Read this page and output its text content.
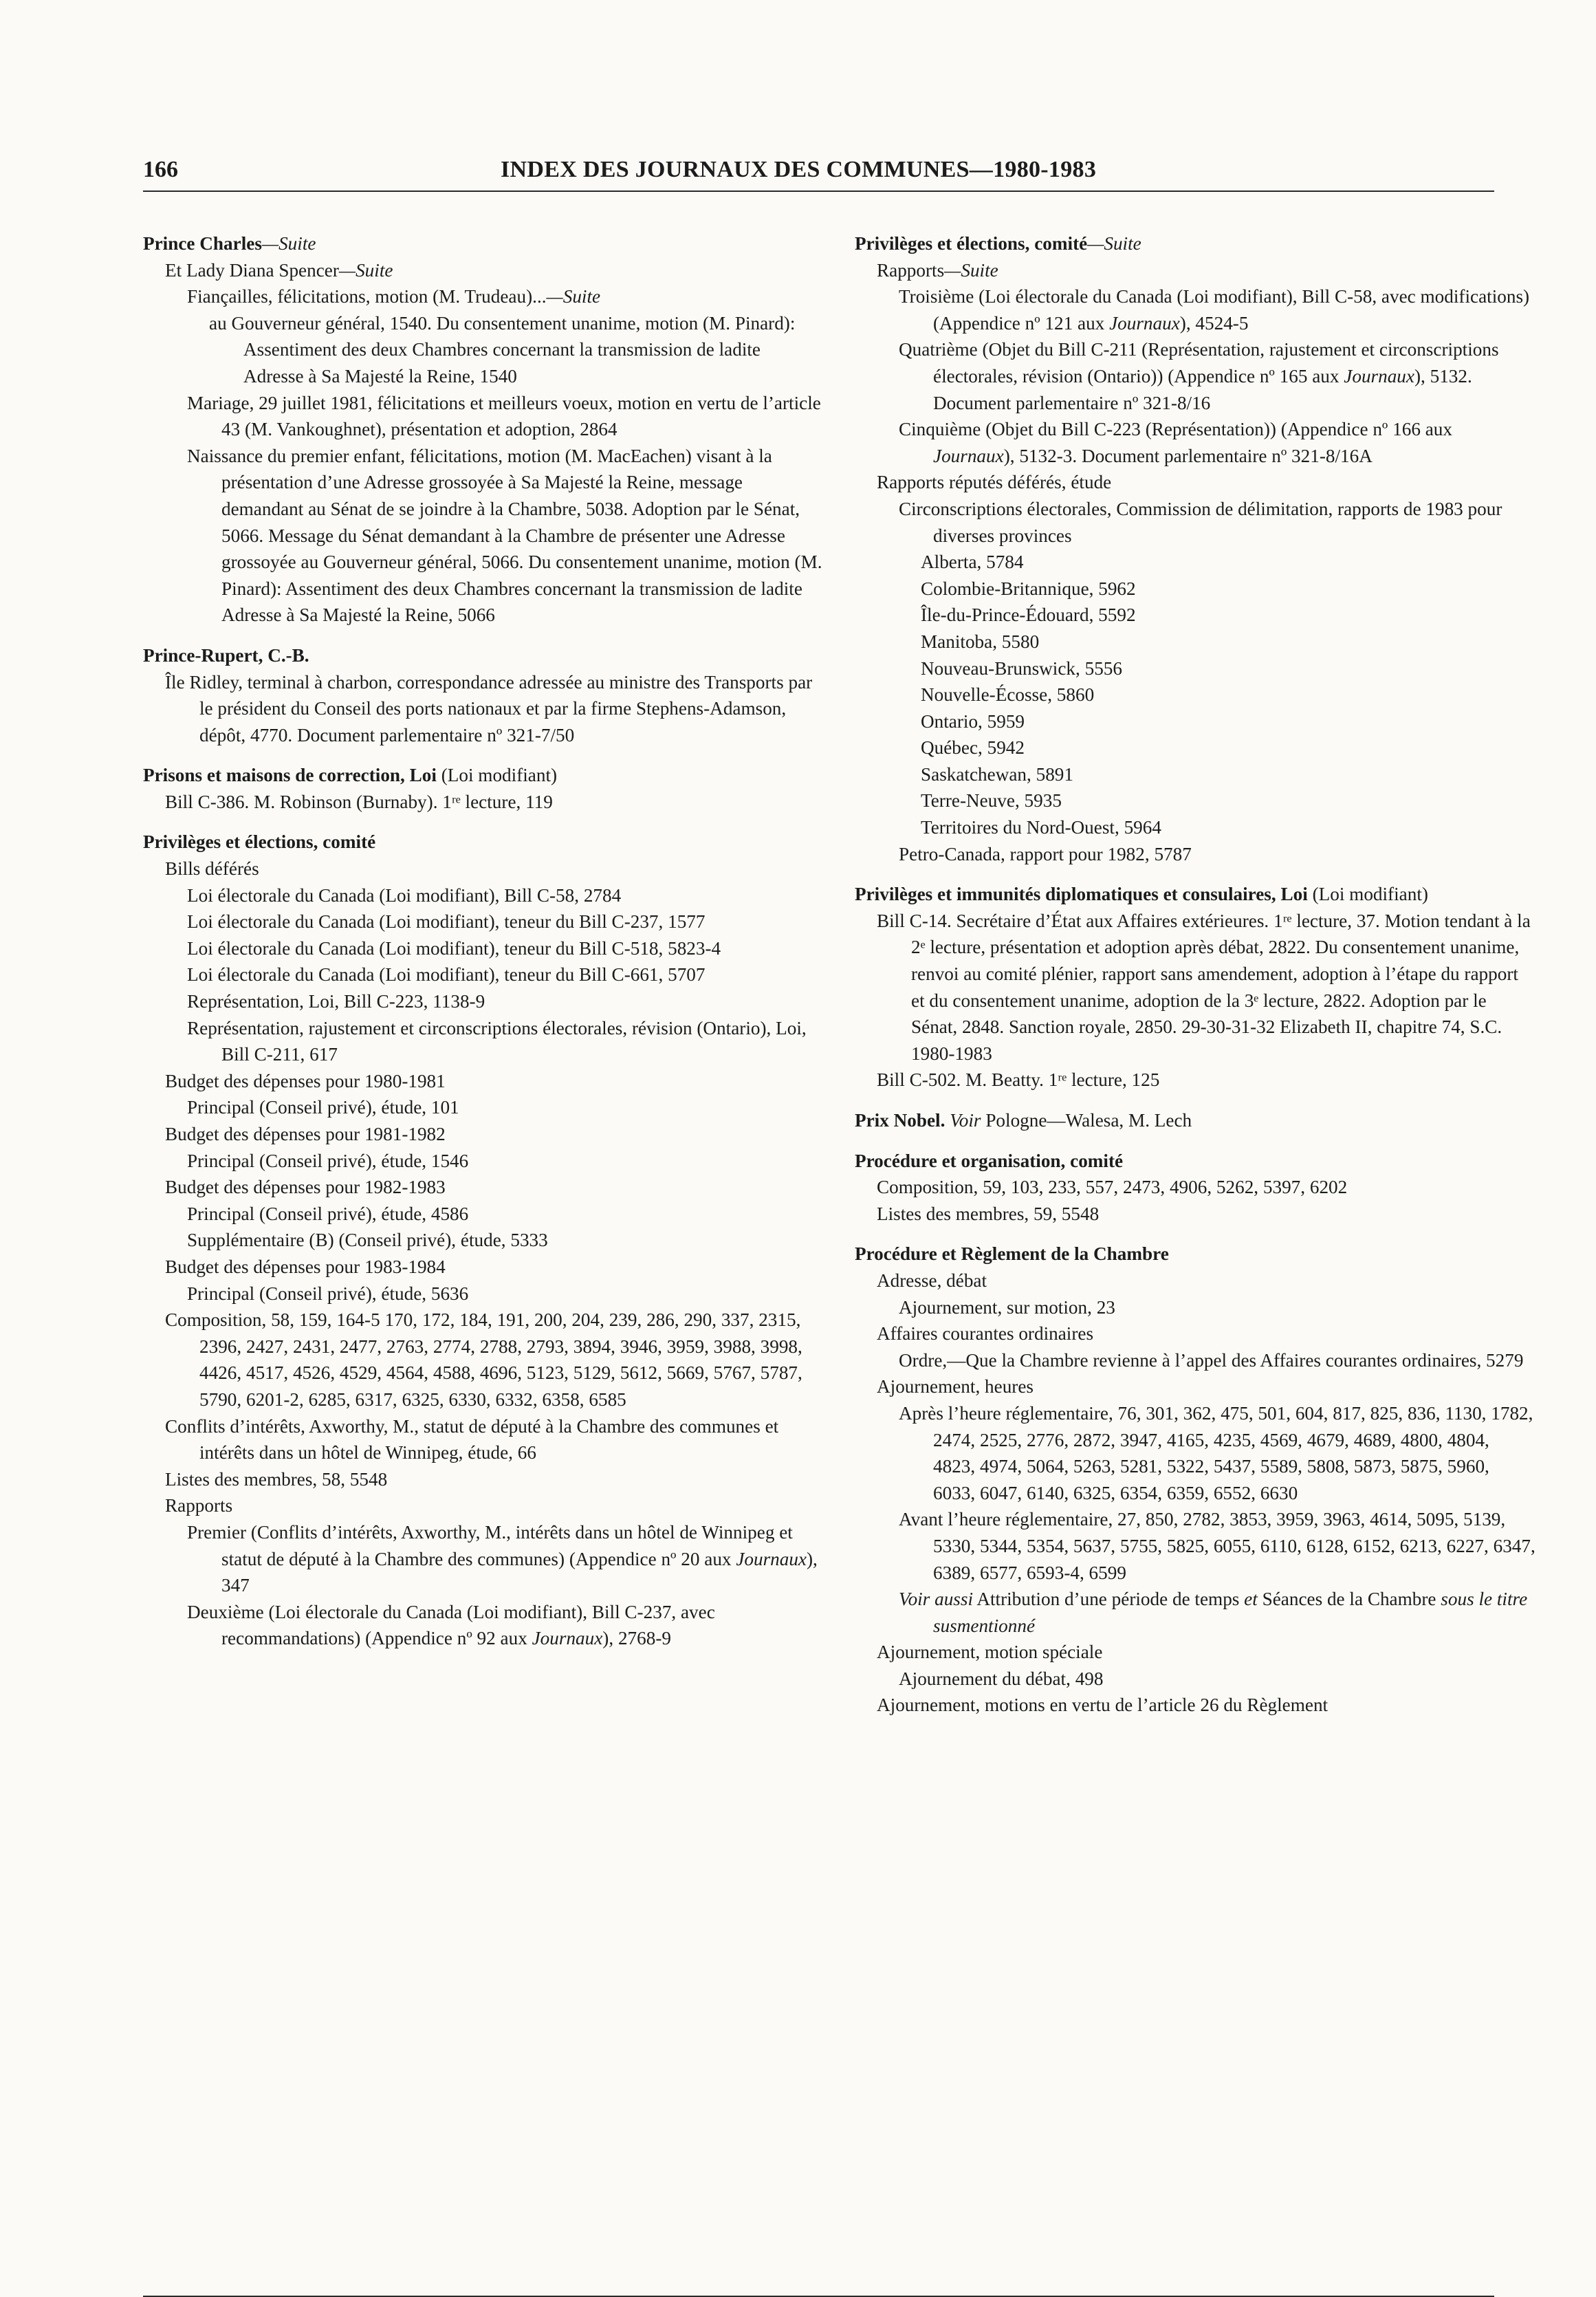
166	INDEX DES JOURNAUX DES COMMUNES—1980-1983
Prince Charles—Suite
Et Lady Diana Spencer—Suite
Fiançailles, félicitations, motion (M. Trudeau)...—Suite
au Gouverneur général, 1540. Du consentement unanime, motion (M. Pinard): Assentiment des deux Chambres concernant la transmission de ladite Adresse à Sa Majesté la Reine, 1540
Mariage, 29 juillet 1981, félicitations et meilleurs voeux, motion en vertu de l’article 43 (M. Vankoughnet), présentation et adoption, 2864
Naissance du premier enfant, félicitations, motion (M. MacEachen) visant à la présentation d’une Adresse grossoyée à Sa Majesté la Reine, message demandant au Sénat de se joindre à la Chambre, 5038. Adoption par le Sénat, 5066. Message du Sénat demandant à la Chambre de présenter une Adresse grossoyée au Gouverneur général, 5066. Du consentement unanime, motion (M. Pinard): Assentiment des deux Chambres concernant la transmission de ladite Adresse à Sa Majesté la Reine, 5066
Prince-Rupert, C.-B.
Île Ridley, terminal à charbon, correspondance adressée au ministre des Transports par le président du Conseil des ports nationaux et par la firme Stephens-Adamson, dépôt, 4770. Document parlementaire nº 321-7/50
Prisons et maisons de correction, Loi (Loi modifiant)
Bill C-386. M. Robinson (Burnaby). 1ʳᵉ lecture, 119
Privilèges et élections, comité
Bills déférés
Loi électorale du Canada (Loi modifiant), Bill C-58, 2784
Loi électorale du Canada (Loi modifiant), teneur du Bill C-237, 1577
Loi électorale du Canada (Loi modifiant), teneur du Bill C-518, 5823-4
Loi électorale du Canada (Loi modifiant), teneur du Bill C-661, 5707
Représentation, Loi, Bill C-223, 1138-9
Représentation, rajustement et circonscriptions électorales, révision (Ontario), Loi, Bill C-211, 617
Budget des dépenses pour 1980-1981
Principal (Conseil privé), étude, 101
Budget des dépenses pour 1981-1982
Principal (Conseil privé), étude, 1546
Budget des dépenses pour 1982-1983
Principal (Conseil privé), étude, 4586
Supplémentaire (B) (Conseil privé), étude, 5333
Budget des dépenses pour 1983-1984
Principal (Conseil privé), étude, 5636
Composition, 58, 159, 164-5 170, 172, 184, 191, 200, 204, 239, 286, 290, 337, 2315, 2396, 2427, 2431, 2477, 2763, 2774, 2788, 2793, 3894, 3946, 3959, 3988, 3998, 4426, 4517, 4526, 4529, 4564, 4588, 4696, 5123, 5129, 5612, 5669, 5767, 5787, 5790, 6201-2, 6285, 6317, 6325, 6330, 6332, 6358, 6585
Conflits d’intérêts, Axworthy, M., statut de député à la Chambre des communes et intérêts dans un hôtel de Winnipeg, étude, 66
Listes des membres, 58, 5548
Rapports
Premier (Conflits d’intérêts, Axworthy, M., intérêts dans un hôtel de Winnipeg et statut de député à la Chambre des communes) (Appendice nº 20 aux Journaux), 347
Deuxième (Loi électorale du Canada (Loi modifiant), Bill C-237, avec recommandations) (Appendice nº 92 aux Journaux), 2768-9
Privilèges et élections, comité—Suite
Rapports—Suite
Troisième (Loi électorale du Canada (Loi modifiant), Bill C-58, avec modifications) (Appendice nº 121 aux Journaux), 4524-5
Quatrième (Objet du Bill C-211 (Représentation, rajustement et circonscriptions électorales, révision (Ontario)) (Appendice nº 165 aux Journaux), 5132. Document parlementaire nº 321-8/16
Cinquième (Objet du Bill C-223 (Représentation)) (Appendice nº 166 aux Journaux), 5132-3. Document parlementaire nº 321-8/16A
Rapports réputés déférés, étude
Circonscriptions électorales, Commission de délimitation, rapports de 1983 pour diverses provinces
Alberta, 5784
Colombie-Britannique, 5962
Île-du-Prince-Édouard, 5592
Manitoba, 5580
Nouveau-Brunswick, 5556
Nouvelle-Écosse, 5860
Ontario, 5959
Québec, 5942
Saskatchewan, 5891
Terre-Neuve, 5935
Territoires du Nord-Ouest, 5964
Petro-Canada, rapport pour 1982, 5787
Privilèges et immunités diplomatiques et consulaires, Loi (Loi modifiant)
Bill C-14. Secrétaire d’État aux Affaires extérieures. 1ʳᵉ lecture, 37. Motion tendant à la 2ᵉ lecture, présentation et adoption après débat, 2822. Du consentement unanime, renvoi au comité plénier, rapport sans amendement, adoption à l’étape du rapport et du consentement unanime, adoption de la 3ᵉ lecture, 2822. Adoption par le Sénat, 2848. Sanction royale, 2850. 29-30-31-32 Elizabeth II, chapitre 74, S.C. 1980-1983
Bill C-502. M. Beatty. 1ʳᵉ lecture, 125
Prix Nobel. Voir Pologne—Walesa, M. Lech
Procédure et organisation, comité
Composition, 59, 103, 233, 557, 2473, 4906, 5262, 5397, 6202
Listes des membres, 59, 5548
Procédure et Règlement de la Chambre
Adresse, débat
Ajournement, sur motion, 23
Affaires courantes ordinaires
Ordre,—Que la Chambre revienne à l’appel des Affaires courantes ordinaires, 5279
Ajournement, heures
Après l’heure réglementaire, 76, 301, 362, 475, 501, 604, 817, 825, 836, 1130, 1782, 2474, 2525, 2776, 2872, 3947, 4165, 4235, 4569, 4679, 4689, 4800, 4804, 4823, 4974, 5064, 5263, 5281, 5322, 5437, 5589, 5808, 5873, 5875, 5960, 6033, 6047, 6140, 6325, 6354, 6359, 6552, 6630
Avant l’heure réglementaire, 27, 850, 2782, 3853, 3959, 3963, 4614, 5095, 5139, 5330, 5344, 5354, 5637, 5755, 5825, 6055, 6110, 6128, 6152, 6213, 6227, 6347, 6389, 6577, 6593-4, 6599
Voir aussi Attribution d’une période de temps et Séances de la Chambre sous le titre susmentionné
Ajournement, motion spéciale
Ajournement du débat, 498
Ajournement, motions en vertu de l’article 26 du Règlement
